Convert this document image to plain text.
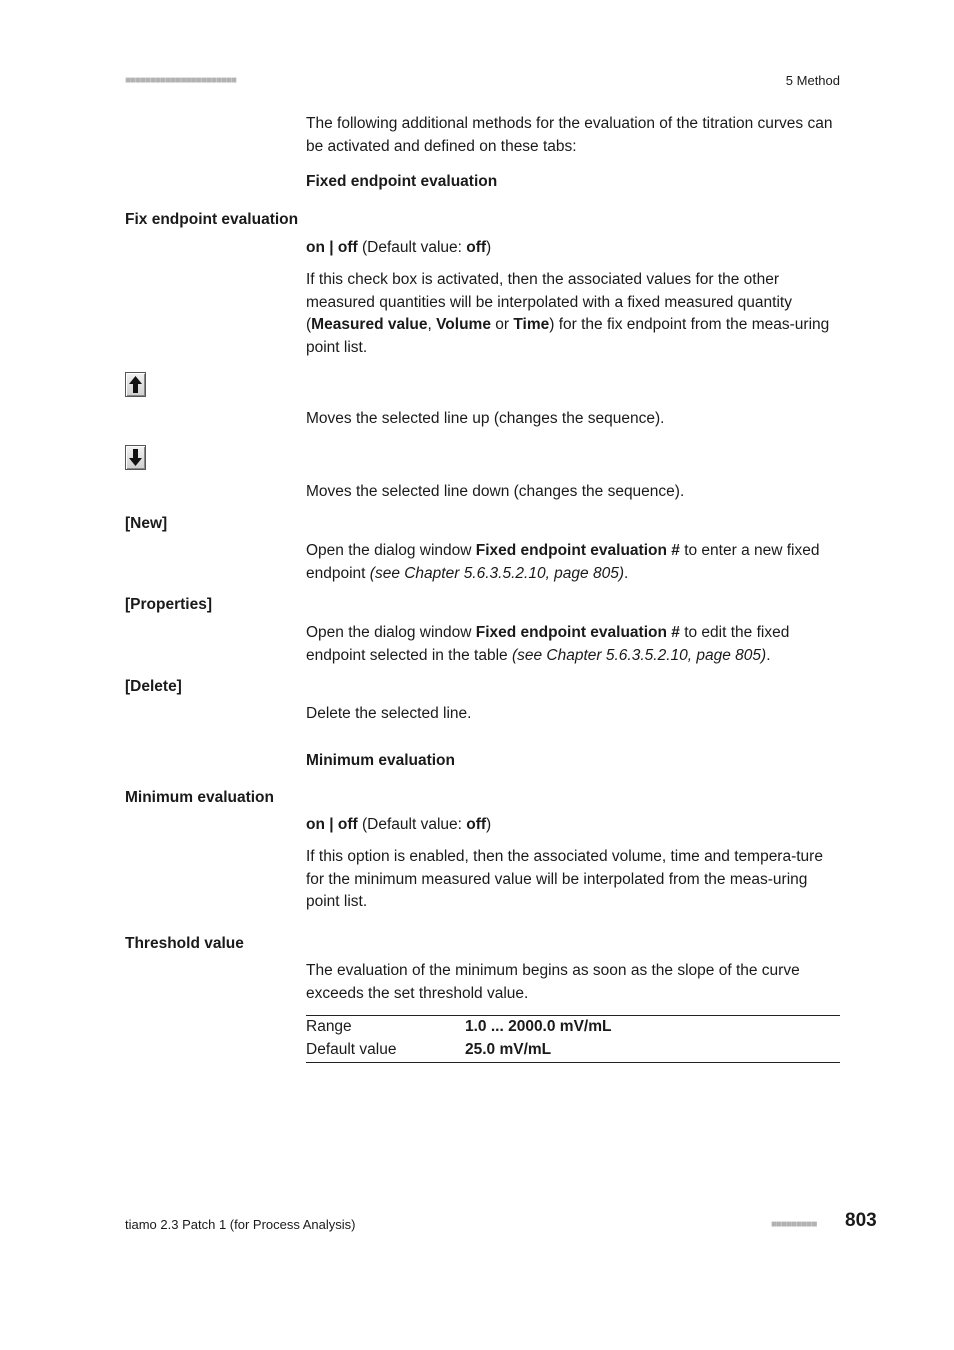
■■■■■■■■■■■■■■■■■■■■■■	5 Method
The following additional methods for the evaluation of the titration curves can be activated and defined on these tabs:
Fixed endpoint evaluation
Fix endpoint evaluation
on | off (Default value: off)
If this check box is activated, then the associated values for the other measured quantities will be interpolated with a fixed measured quantity (Measured value, Volume or Time) for the fix endpoint from the meas-uring point list.
Moves the selected line up (changes the sequence).
Moves the selected line down (changes the sequence).
[New]
Open the dialog window Fixed endpoint evaluation # to enter a new fixed endpoint (see Chapter 5.6.3.5.2.10, page 805).
[Properties]
Open the dialog window Fixed endpoint evaluation # to edit the fixed endpoint selected in the table (see Chapter 5.6.3.5.2.10, page 805).
[Delete]
Delete the selected line.
Minimum evaluation
Minimum evaluation
on | off (Default value: off)
If this option is enabled, then the associated volume, time and tempera-ture for the minimum measured value will be interpolated from the meas-uring point list.
Threshold value
The evaluation of the minimum begins as soon as the slope of the curve exceeds the set threshold value.
Range	1.0 ... 2000.0 mV/mL
Default value	25.0 mV/mL
tiamo 2.3 Patch 1 (for Process Analysis)	■■■■■■■■■ 803
